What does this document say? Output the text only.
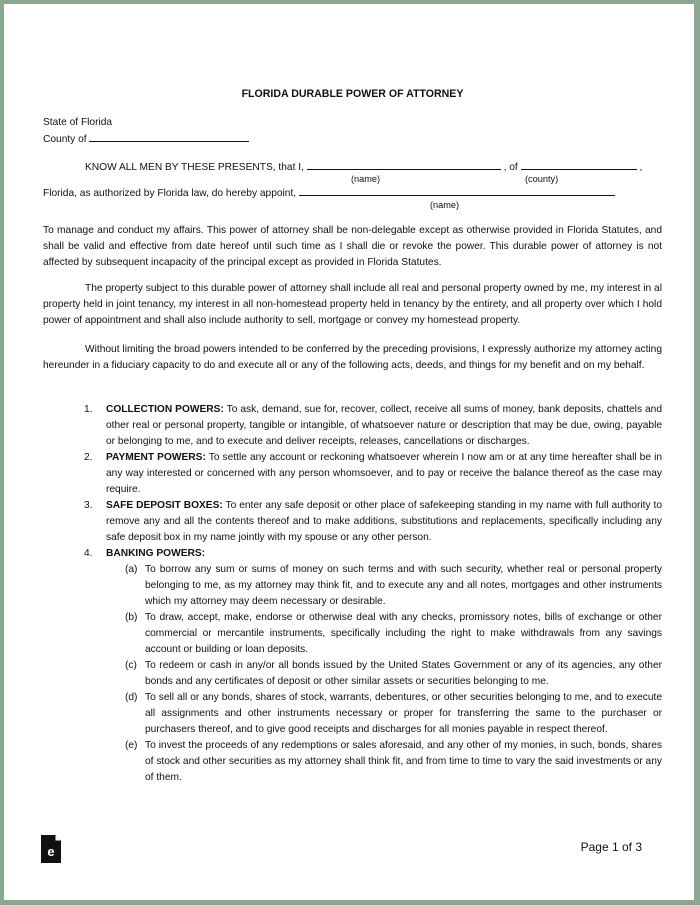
FLORIDA DURABLE POWER OF ATTORNEY
State of Florida
County of
KNOW ALL MEN BY THESE PRESENTS, that I,	, of	,
(name)	(county)
Florida, as authorized by Florida law, do hereby appoint,
(name)

To manage and conduct my affairs. This power of attorney shall be non-delegable except as otherwise provided in Florida Statutes, and shall be valid and effective from date hereof until such time as I shall die or revoke the power. This durable power of attorney is not affected by subsequent incapacity of the principal except as provided in Florida Statutes.

The property subject to this durable power of attorney shall include all real and personal property owned by me, my interest in al property held in joint tenancy, my interest in all non-homestead property held in tenancy by the entirety, and all property over which I hold power of appointment and shall also include authority to sell, mortgage or convey my homestead property.

Without limiting the broad powers intended to be conferred by the preceding provisions, I expressly authorize my attorney acting hereunder in a fiduciary capacity to do and execute all or any of the following acts, deeds, and things for my benefit and on my behalf.

1.	COLLECTION POWERS: To ask, demand, sue for, recover, collect, receive all sums of money, bank deposits, chattels and other real or personal property, tangible or intangible, of whatsoever nature or description that may be due, owing, payable or belonging to me, and to execute and deliver receipts, releases, cancellations or discharges.
2.	PAYMENT POWERS: To settle any account or reckoning whatsoever wherein I now am or at any time hereafter shall be in any way interested or concerned with any person whomsoever, and to pay or receive the balance thereof as the case may require.
3.	SAFE DEPOSIT BOXES: To enter any safe deposit or other place of safekeeping standing in my name with full authority to remove any and all the contents thereof and to make additions, substitutions and replacements, specifically including any safe deposit box in my name jointly with my spouse or any other person.
4.	BANKING POWERS:
(a) To borrow any sum or sums of money on such terms and with such security, whether real or personal property belonging to me, as my attorney may think fit, and to execute any and all notes, mortgages and other instruments which my attorney may deem necessary or desirable.
(b) To draw, accept, make, endorse or otherwise deal with any checks, promissory notes, bills of exchange or other commercial or mercantile instruments, specifically including the right to make withdrawals from any savings account or building or loan deposits.
(c) To redeem or cash in any/or all bonds issued by the United States Government or any of its agencies, any other bonds and any certificates of deposit or other similar assets or securities belonging to me.
(d) To sell all or any bonds, shares of stock, warrants, debentures, or other securities belonging to me, and to execute all assignments and other instruments necessary or proper for transferring the same to the purchaser or purchasers thereof, and to give good receipts and discharges for all monies payable in respect thereof.
(e) To invest the proceeds of any redemptions or sales aforesaid, and any other of my monies, in such, bonds, shares of stock and other securities as my attorney shall think fit, and from time to time to vary the said investments or any of them.
e	Page 1 of 3
